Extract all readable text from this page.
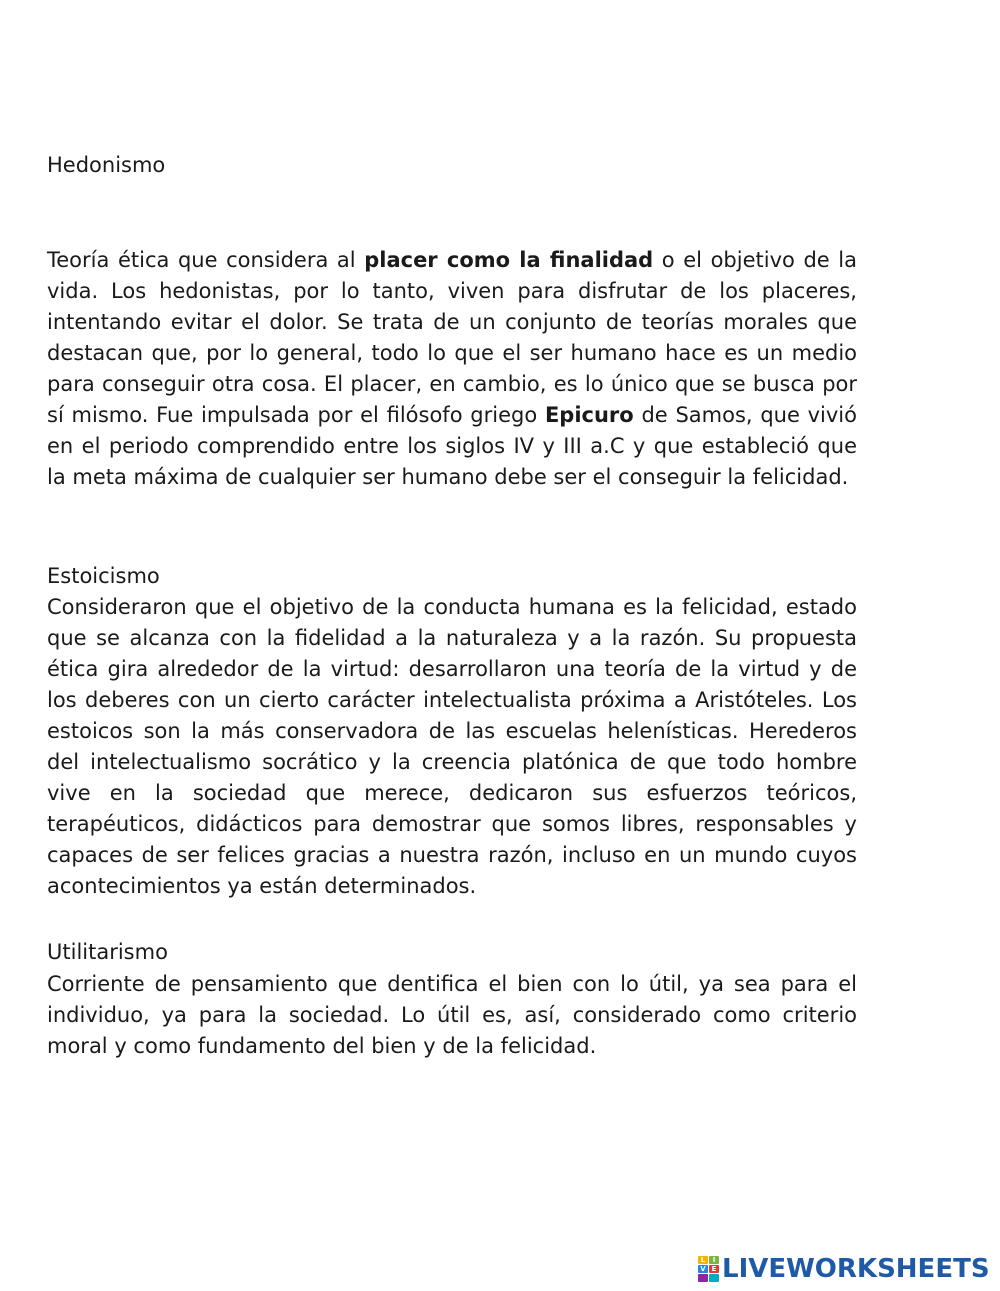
Hedonismo

Teoría ética que considera al placer como la finalidad o el objetivo de la vida. Los hedonistas, por lo tanto, viven para disfrutar de los placeres, intentando evitar el dolor. Se trata de un conjunto de teorías morales que destacan que, por lo general, todo lo que el ser humano hace es un medio para conseguir otra cosa. El placer, en cambio, es lo único que se busca por sí mismo. Fue impulsada por el filósofo griego Epicuro de Samos, que vivió en el periodo comprendido entre los siglos IV y III a.C y que estableció que la meta máxima de cualquier ser humano debe ser el conseguir la felicidad.

Estoicismo

Consideraron que el objetivo de la conducta humana es la felicidad, estado que se alcanza con la fidelidad a la naturaleza y a la razón. Su propuesta ética gira alrededor de la virtud: desarrollaron una teoría de la virtud y de los deberes con un cierto carácter intelectualista próxima a Aristóteles. Los estoicos son la más conservadora de las escuelas helenísticas. Herederos del intelectualismo socrático y la creencia platónica de que todo hombre vive en la sociedad que merece, dedicaron sus esfuerzos teóricos, terapéuticos, didácticos para demostrar que somos libres, responsables y capaces de ser felices gracias a nuestra razón, incluso en un mundo cuyos acontecimientos ya están determinados.

Utilitarismo

Corriente de pensamiento que dentifica el bien con lo útil, ya sea para el individuo, ya para la sociedad. Lo útil es, así, considerado como criterio moral y como fundamento del bien y de la felicidad.

L	I
V E LIVEWORKSHEETS
